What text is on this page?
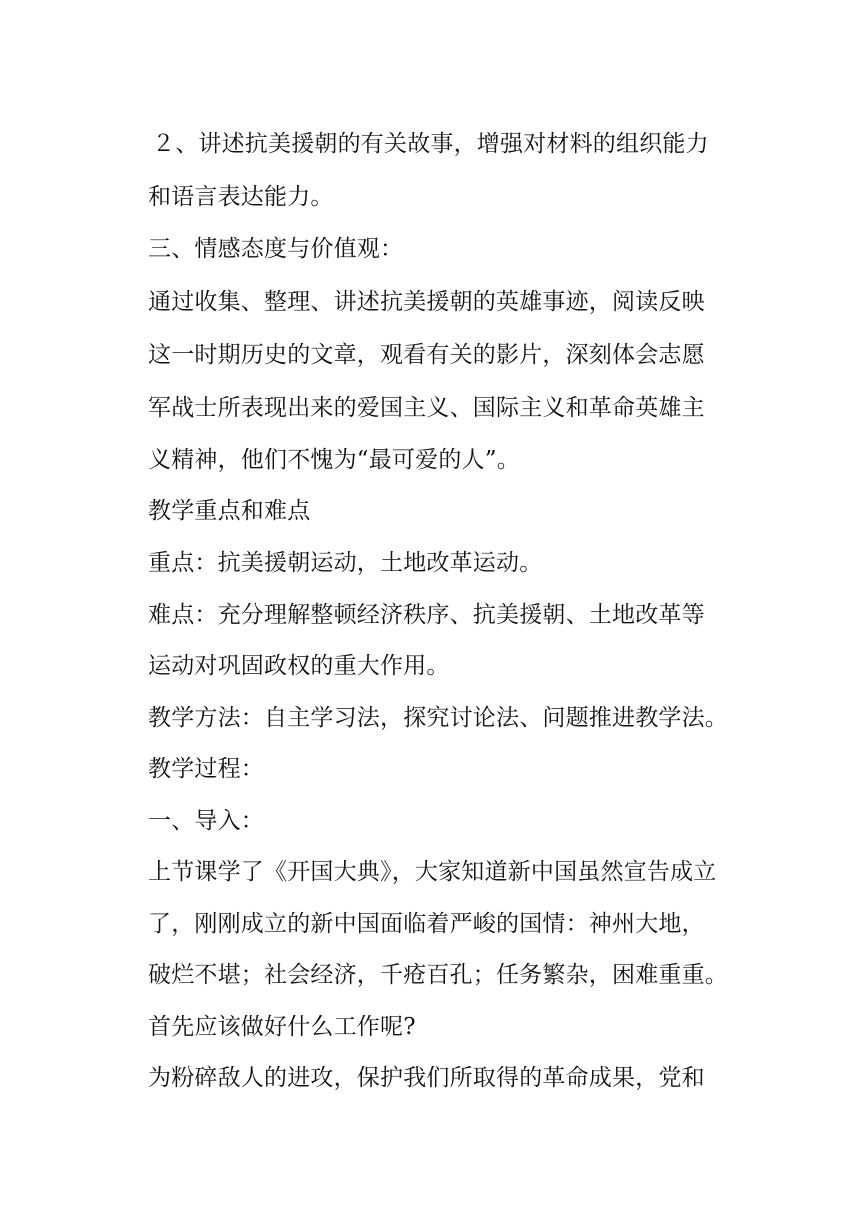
２、讲述抗美援朝的有关故事，增强对材料的组织能力
和语言表达能力。
三、情感态度与价值观：
通过收集、整理、讲述抗美援朝的英雄事迹，阅读反映
这一时期历史的文章，观看有关的影片，深刻体会志愿
军战士所表现出来的爱国主义、国际主义和革命英雄主
义精神，他们不愧为“最可爱的人”。
教学重点和难点
重点：抗美援朝运动，土地改革运动。
难点：充分理解整顿经济秩序、抗美援朝、土地改革等
运动对巩固政权的重大作用。
教学方法：自主学习法，探究讨论法、问题推进教学法。
教学过程：
一、导入：
上节课学了《开国大典》，大家知道新中国虽然宣告成立
了，刚刚成立的新中国面临着严峻的国情：神州大地，
破烂不堪；社会经济，千疮百孔；任务繁杂，困难重重。
首先应该做好什么工作呢?
为粉碎敌人的进攻，保护我们所取得的革命成果，党和
